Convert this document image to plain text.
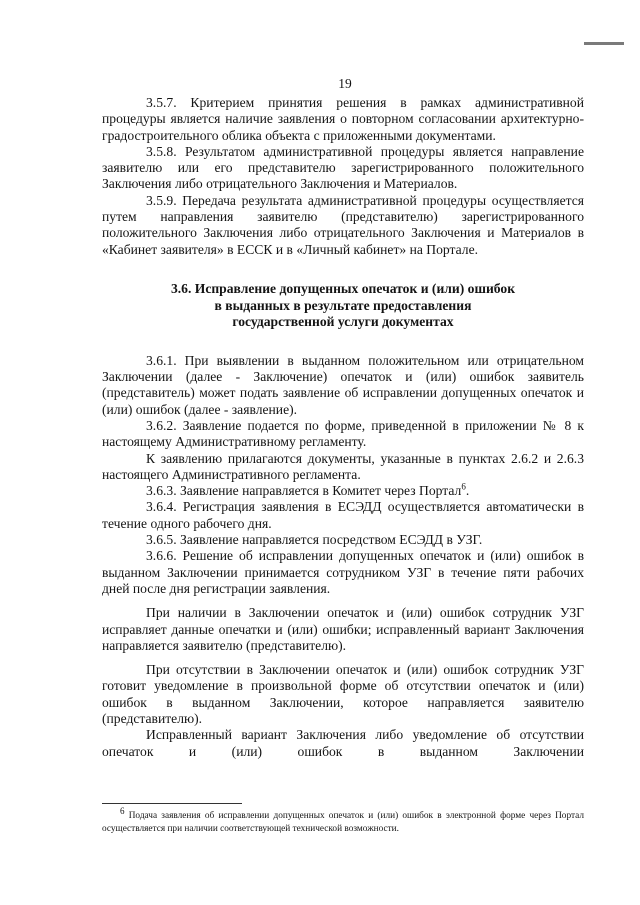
19

3.5.7. Критерием принятия решения в рамках административной процедуры является наличие заявления о повторном согласовании архитектурно-градостроительного облика объекта с приложенными документами.

3.5.8. Результатом административной процедуры является направление заявителю или его представителю зарегистрированного положительного Заключения либо отрицательного Заключения и Материалов.

3.5.9. Передача результата административной процедуры осуществляется путем направления заявителю (представителю) зарегистрированного положительного Заключения либо отрицательного Заключения и Материалов в «Кабинет заявителя» в ЕССК и в «Личный кабинет» на Портале.

3.6. Исправление допущенных опечаток и (или) ошибок
в выданных в результате предоставления
государственной услуги документах

3.6.1. При выявлении в выданном положительном или отрицательном Заключении (далее - Заключение) опечаток и (или) ошибок заявитель (представитель) может подать заявление об исправлении допущенных опечаток и (или) ошибок (далее - заявление).

3.6.2. Заявление подается по форме, приведенной в приложении № 8 к настоящему Административному регламенту.

К заявлению прилагаются документы, указанные в пунктах 2.6.2 и 2.6.3 настоящего Административного регламента.

3.6.3. Заявление направляется в Комитет через Портал$^6$.

3.6.4. Регистрация заявления в ЕСЭДД осуществляется автоматически в течение одного рабочего дня.

3.6.5. Заявление направляется посредством ЕСЭДД в УЗГ.

3.6.6. Решение об исправлении допущенных опечаток и (или) ошибок в выданном Заключении принимается сотрудником УЗГ в течение пяти рабочих дней после дня регистрации заявления.

При наличии в Заключении опечаток и (или) ошибок сотрудник УЗГ исправляет данные опечатки и (или) ошибки; исправленный вариант Заключения направляется заявителю (представителю).

При отсутствии в Заключении опечаток и (или) ошибок сотрудник УЗГ готовит уведомление в произвольной форме об отсутствии опечаток и (или) ошибок в выданном Заключении, которое направляется заявителю (представителю).

Исправленный вариант Заключения либо уведомление об отсутствии опечаток и (или) ошибок в выданном Заключении

$^6$ Подача заявления об исправлении допущенных опечаток и (или) ошибок в электронной форме через Портал осуществляется при наличии соответствующей технической возможности.
